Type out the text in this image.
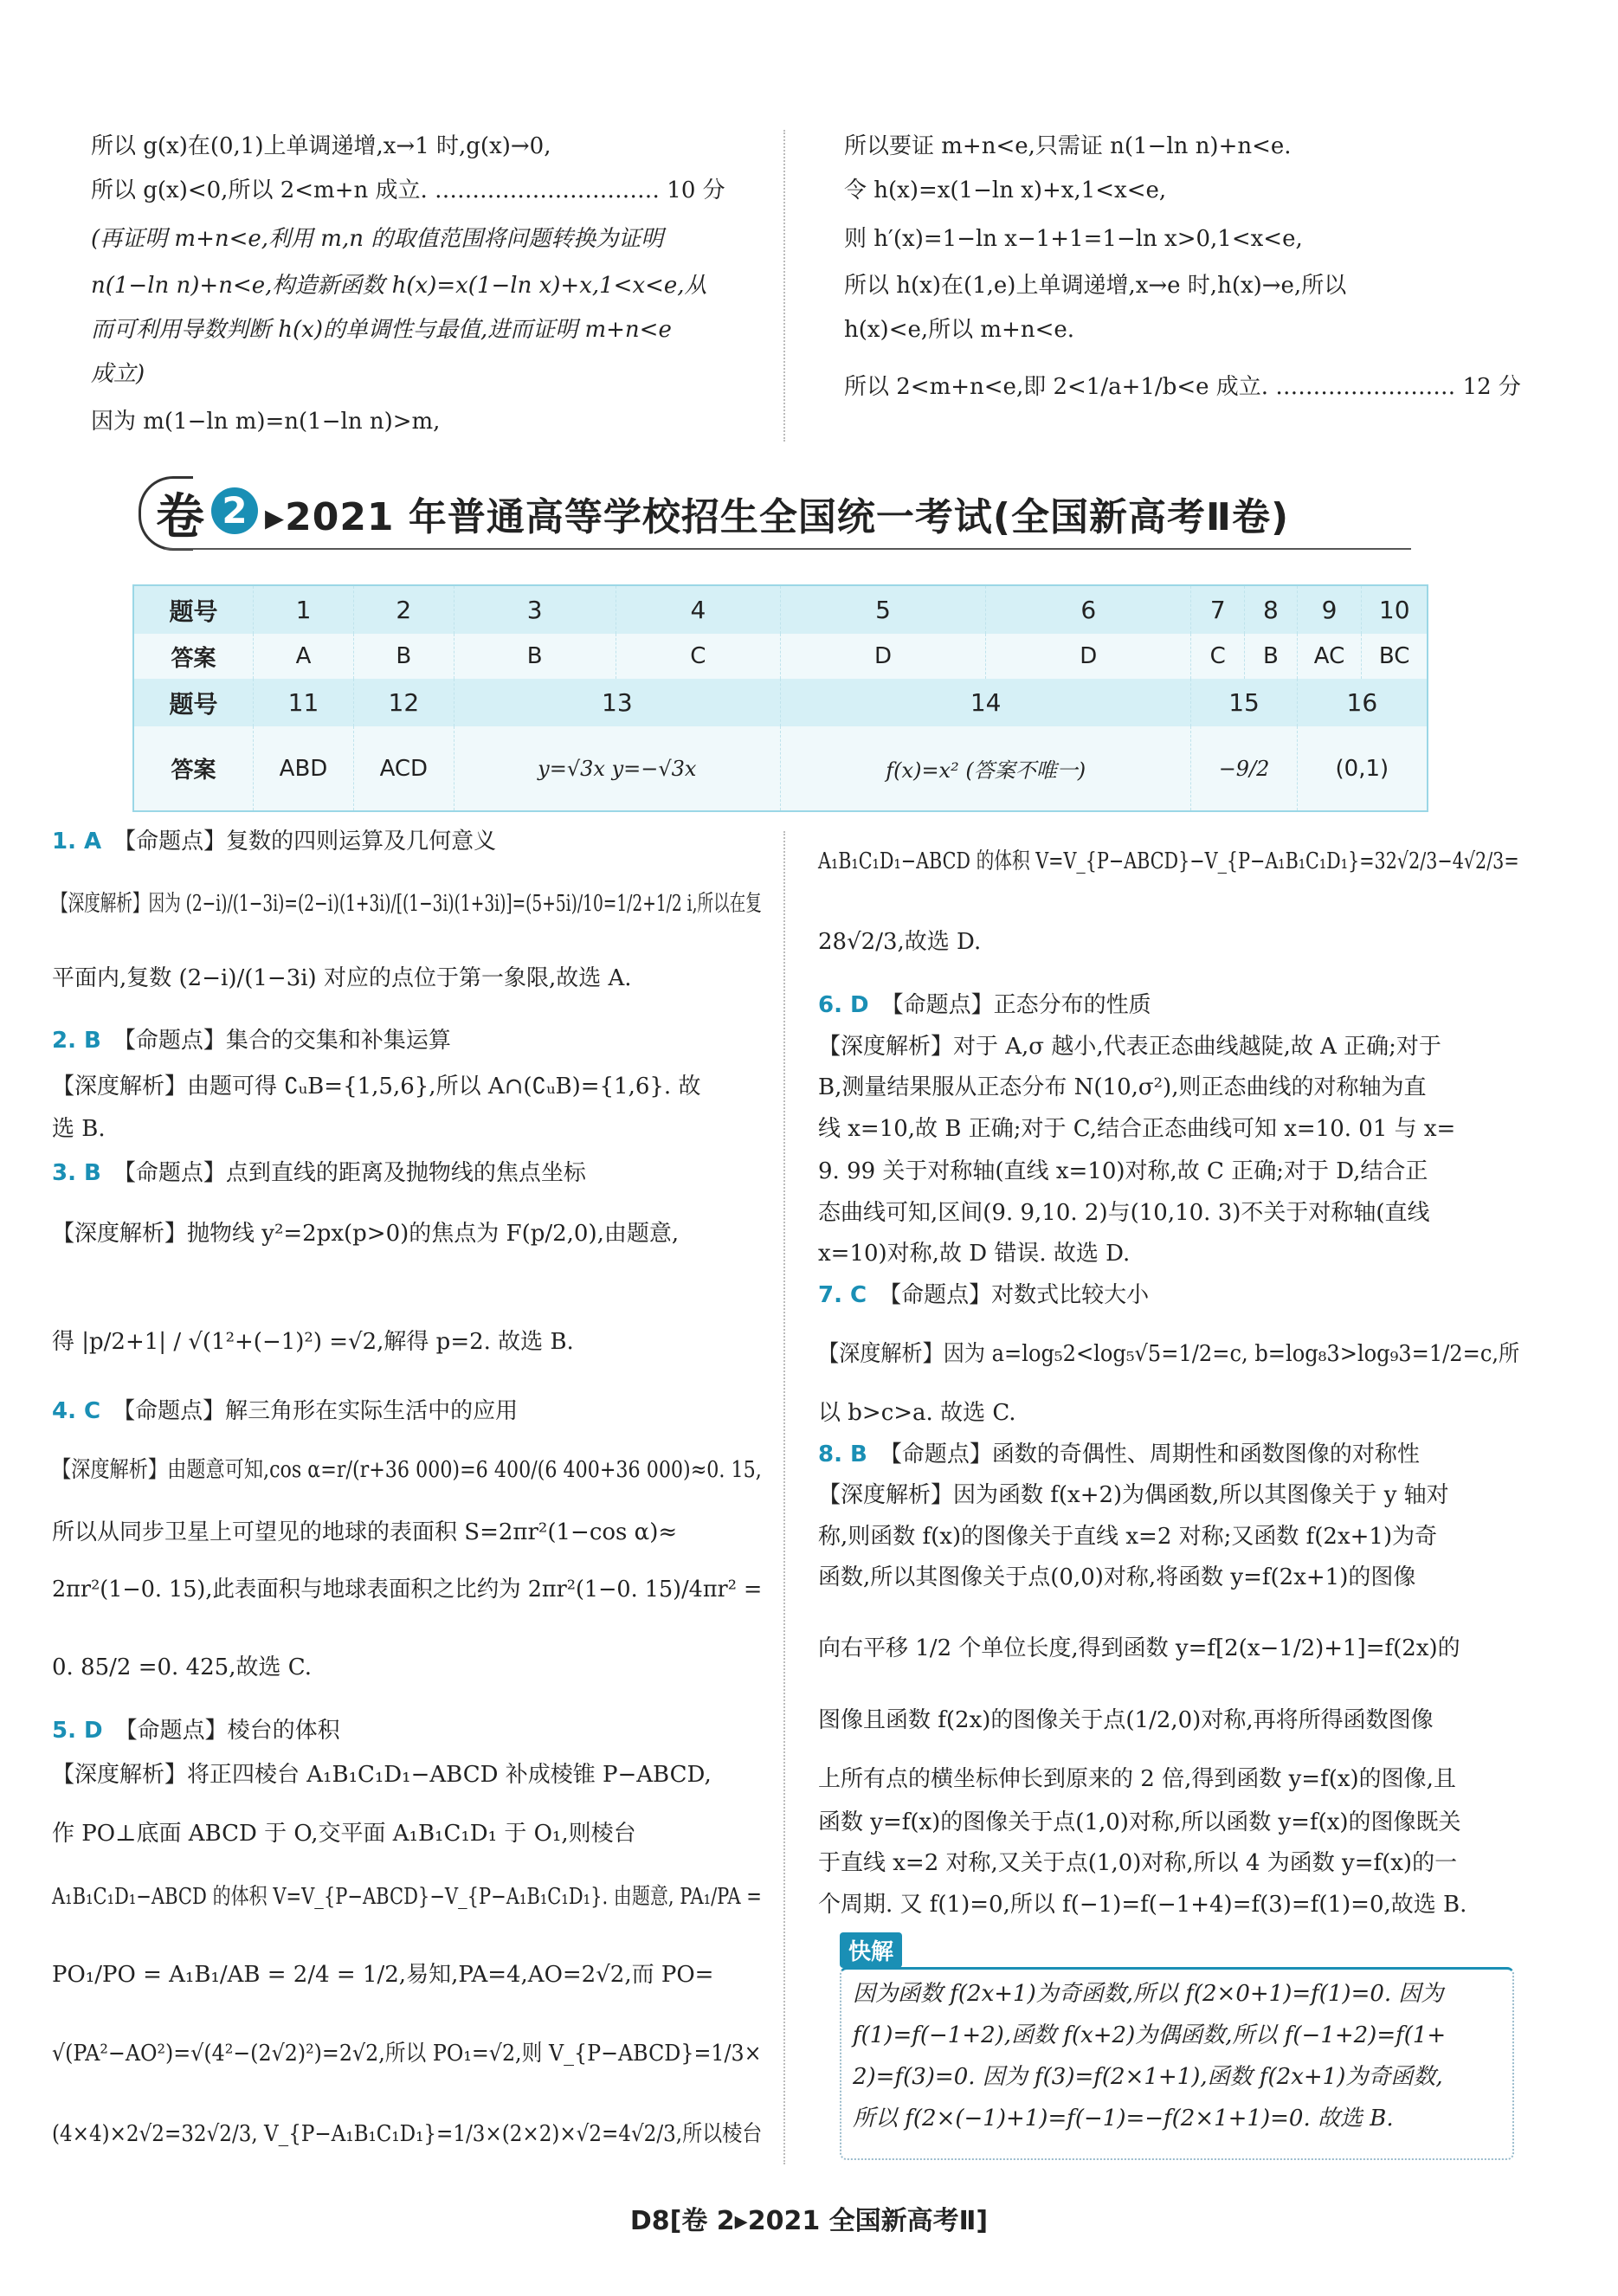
所以 g(x)在(0,1)上单调递增,x→1 时,g(x)→0,
所以 g(x)<0,所以 2<m+n 成立. ………………………… 10 分
(再证明 m+n<e,利用 m,n 的取值范围将问题转换为证明
n(1−ln n)+n<e,构造新函数 h(x)=x(1−ln x)+x,1<x<e,从
而可利用导数判断 h(x)的单调性与最值,进而证明 m+n<e
成立)
因为 m(1−ln m)=n(1−ln n)>m,
所以要证 m+n<e,只需证 n(1−ln n)+n<e.
令 h(x)=x(1−ln x)+x,1<x<e,
则 h′(x)=1−ln x−1+1=1−ln x>0,1<x<e,
所以 h(x)在(1,e)上单调递增,x→e 时,h(x)→e,所以
h(x)<e,所以 m+n<e.
所以 2<m+n<e,即 2<1/a+1/b<e 成立. …………………… 12 分
卷 2 ▸2021 年普通高等学校招生全国统一考试(全国新高考Ⅱ卷)
题号	1	2	3	4	5	6	7	8	9	10
答案	A	B	B	C	D	D	C	B	AC	BC
题号	11	12	13		14		15		16	
答案	ABD	ACD	y=√3x y=−√3x		f(x)=x² (答案不唯一)		−9/2		(0,1)	
1. A 【命题点】复数的四则运算及几何意义
【深度解析】因为 (2−i)/(1−3i)=(2−i)(1+3i)/[(1−3i)(1+3i)]=(5+5i)/10=1/2+1/2 i,所以在复
平面内,复数 (2−i)/(1−3i) 对应的点位于第一象限,故选 A.
2. B 【命题点】集合的交集和补集运算
【深度解析】由题可得 ∁ᵤB={1,5,6},所以 A∩(∁ᵤB)={1,6}. 故
选 B.
3. B 【命题点】点到直线的距离及抛物线的焦点坐标
【深度解析】抛物线 y²=2px(p>0)的焦点为 F(p/2,0),由题意,
得 |p/2+1| / √(1²+(−1)²) =√2,解得 p=2. 故选 B.
4. C 【命题点】解三角形在实际生活中的应用
【深度解析】由题意可知,cos α=r/(r+36 000)=6 400/(6 400+36 000)≈0. 15,
所以从同步卫星上可望见的地球的表面积 S=2πr²(1−cos α)≈
2πr²(1−0. 15),此表面积与地球表面积之比约为 2πr²(1−0. 15)/4πr² =
0. 85/2 =0. 425,故选 C.
5. D 【命题点】棱台的体积
【深度解析】将正四棱台 A₁B₁C₁D₁−ABCD 补成棱锥 P−ABCD,
作 PO⊥底面 ABCD 于 O,交平面 A₁B₁C₁D₁ 于 O₁,则棱台
A₁B₁C₁D₁−ABCD 的体积 V=V_{P−ABCD}−V_{P−A₁B₁C₁D₁}. 由题意, PA₁/PA =
PO₁/PO = A₁B₁/AB = 2/4 = 1/2,易知,PA=4,AO=2√2,而 PO=
√(PA²−AO²)=√(4²−(2√2)²)=2√2,所以 PO₁=√2,则 V_{P−ABCD}=1/3×
(4×4)×2√2=32√2/3, V_{P−A₁B₁C₁D₁}=1/3×(2×2)×√2=4√2/3,所以棱台
A₁B₁C₁D₁−ABCD 的体积 V=V_{P−ABCD}−V_{P−A₁B₁C₁D₁}=32√2/3−4√2/3=
28√2/3,故选 D.
6. D 【命题点】正态分布的性质
【深度解析】对于 A,σ 越小,代表正态曲线越陡,故 A 正确;对于
B,测量结果服从正态分布 N(10,σ²),则正态曲线的对称轴为直
线 x=10,故 B 正确;对于 C,结合正态曲线可知 x=10. 01 与 x=
9. 99 关于对称轴(直线 x=10)对称,故 C 正确;对于 D,结合正
态曲线可知,区间(9. 9,10. 2)与(10,10. 3)不关于对称轴(直线
x=10)对称,故 D 错误. 故选 D.
7. C 【命题点】对数式比较大小
【深度解析】因为 a=log₅2<log₅√5=1/2=c, b=log₈3>log₉3=1/2=c,所
以 b>c>a. 故选 C.
8. B 【命题点】函数的奇偶性、周期性和函数图像的对称性
【深度解析】因为函数 f(x+2)为偶函数,所以其图像关于 y 轴对
称,则函数 f(x)的图像关于直线 x=2 对称;又函数 f(2x+1)为奇
函数,所以其图像关于点(0,0)对称,将函数 y=f(2x+1)的图像
向右平移 1/2 个单位长度,得到函数 y=f[2(x−1/2)+1]=f(2x)的
图像且函数 f(2x)的图像关于点(1/2,0)对称,再将所得函数图像
上所有点的横坐标伸长到原来的 2 倍,得到函数 y=f(x)的图像,且
函数 y=f(x)的图像关于点(1,0)对称,所以函数 y=f(x)的图像既关
于直线 x=2 对称,又关于点(1,0)对称,所以 4 为函数 y=f(x)的一
个周期. 又 f(1)=0,所以 f(−1)=f(−1+4)=f(3)=f(1)=0,故选 B.
快解
因为函数 f(2x+1)为奇函数,所以 f(2×0+1)=f(1)=0. 因为
f(1)=f(−1+2),函数 f(x+2)为偶函数,所以 f(−1+2)=f(1+
2)=f(3)=0. 因为 f(3)=f(2×1+1),函数 f(2x+1)为奇函数,
所以 f(2×(−1)+1)=f(−1)=−f(2×1+1)=0. 故选 B.
D8[卷 2▸2021 全国新高考Ⅱ]
